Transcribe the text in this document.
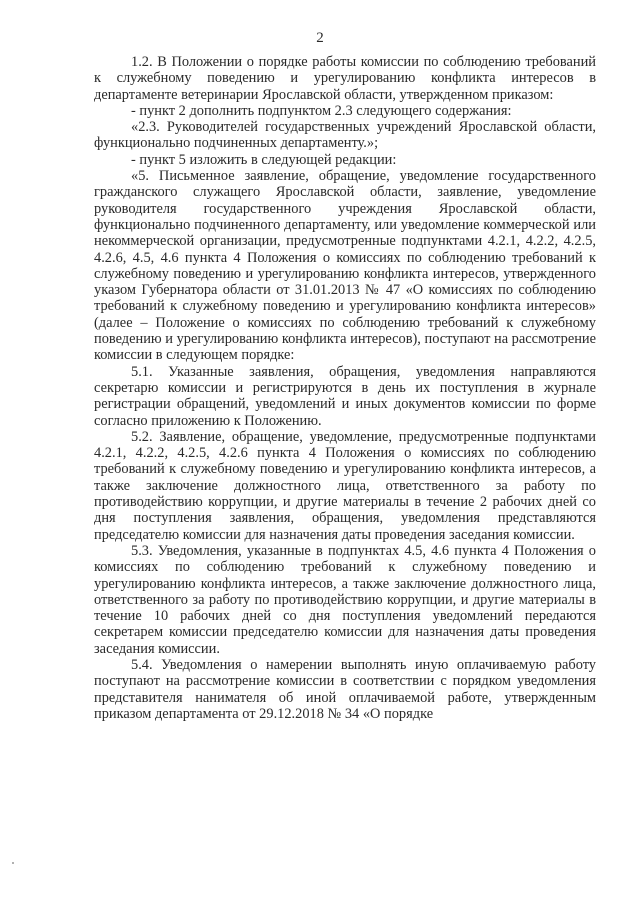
2

1.2. В Положении о порядке работы комиссии по соблюдению требований к служебному поведению и урегулированию конфликта интересов в департаменте ветеринарии Ярославской области, утвержденном приказом:

- пункт 2 дополнить подпунктом 2.3 следующего содержания:

«2.3. Руководителей государственных учреждений Ярославской области, функционально подчиненных департаменту.»;

- пункт 5 изложить в следующей редакции:

«5. Письменное заявление, обращение, уведомление государственного гражданского служащего Ярославской области, заявление, уведомление руководителя государственного учреждения Ярославской области, функционально подчиненного департаменту, или уведомление коммерческой или некоммерческой организации, предусмотренные подпунктами 4.2.1, 4.2.2, 4.2.5, 4.2.6, 4.5, 4.6 пункта 4 Положения о комиссиях по соблюдению требований к служебному поведению и урегулированию конфликта интересов, утвержденного указом Губернатора области от 31.01.2013 № 47 «О комиссиях по соблюдению требований к служебному поведению и урегулированию конфликта интересов» (далее – Положение о комиссиях по соблюдению требований к служебному поведению и урегулированию конфликта интересов), поступают на рассмотрение комиссии в следующем порядке:

5.1. Указанные заявления, обращения, уведомления направляются секретарю комиссии и регистрируются в день их поступления в журнале регистрации обращений, уведомлений и иных документов комиссии по форме согласно приложению к Положению.

5.2. Заявление, обращение, уведомление, предусмотренные подпунктами 4.2.1, 4.2.2, 4.2.5, 4.2.6 пункта 4 Положения о комиссиях по соблюдению требований к служебному поведению и урегулированию конфликта интересов, а также заключение должностного лица, ответственного за работу по противодействию коррупции, и другие материалы в течение 2 рабочих дней со дня поступления заявления, обращения, уведомления представляются председателю комиссии для назначения даты проведения заседания комиссии.

5.3. Уведомления, указанные в подпунктах 4.5, 4.6 пункта 4 Положения о комиссиях по соблюдению требований к служебному поведению и урегулированию конфликта интересов, а также заключение должностного лица, ответственного за работу по противодействию коррупции, и другие материалы в течение 10 рабочих дней со дня поступления уведомлений передаются секретарем комиссии председателю комиссии для назначения даты проведения заседания комиссии.

5.4. Уведомления о намерении выполнять иную оплачиваемую работу поступают на рассмотрение комиссии в соответствии с порядком уведомления представителя нанимателя об иной оплачиваемой работе, утвержденным приказом департамента от 29.12.2018 № 34 «О порядке
